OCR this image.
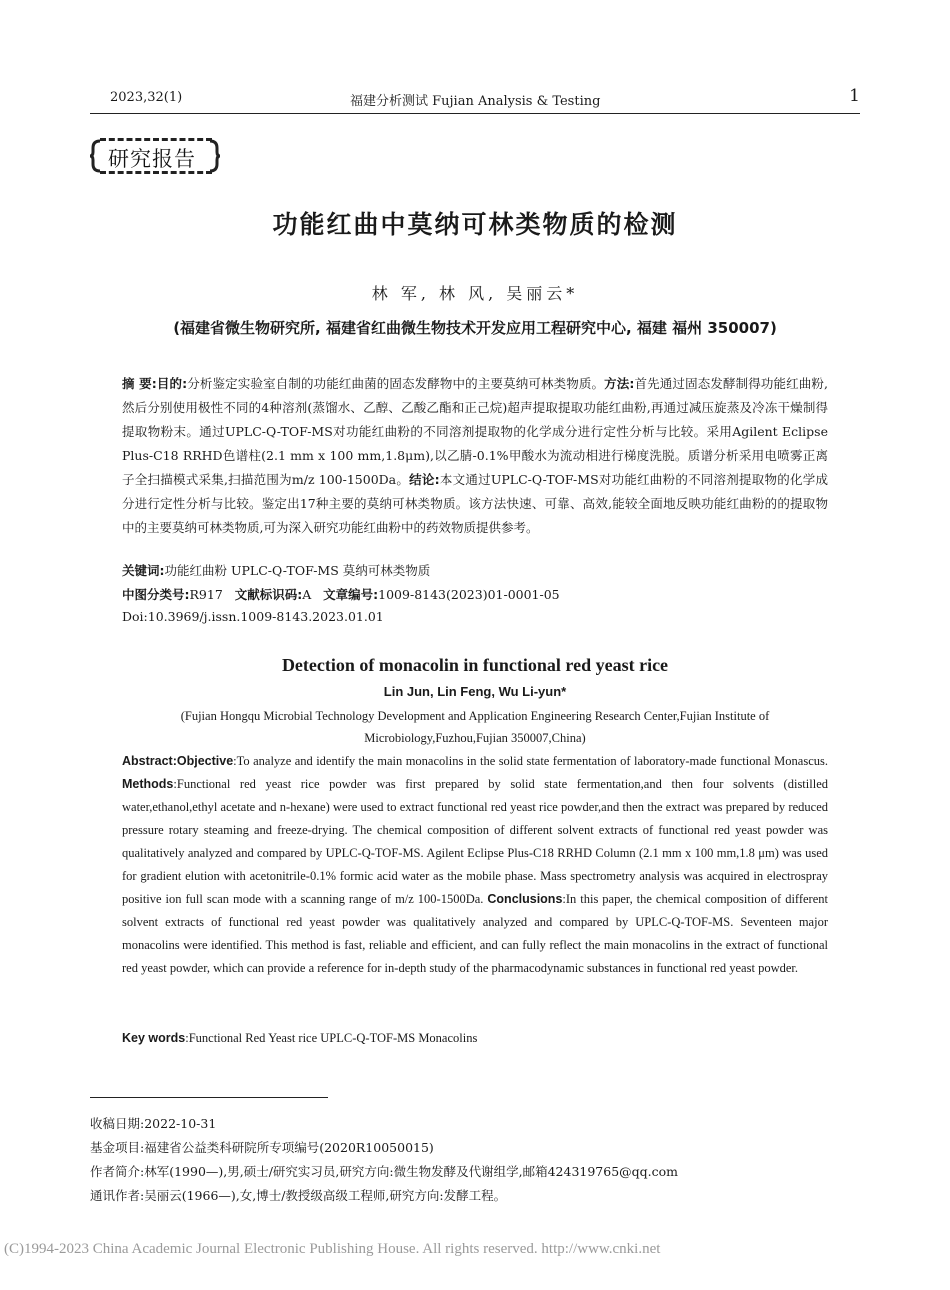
2023,32(1)	福建分析测试 Fujian Analysis & Testing	1
研究报告
功能红曲中莫纳可林类物质的检测
林 军, 林 风, 吴丽云*
(福建省微生物研究所, 福建省红曲微生物技术开发应用工程研究中心, 福建 福州 350007)
摘 要:目的:分析鉴定实验室自制的功能红曲菌的固态发酵物中的主要莫纳可林类物质。方法:首先通过固态发酵制得功能红曲粉,然后分别使用极性不同的4种溶剂(蒸馏水、乙醇、乙酸乙酯和正己烷)超声提取提取功能红曲粉,再通过减压旋蒸及冷冻干燥制得提取物粉末。通过UPLC-Q-TOF-MS对功能红曲粉的不同溶剂提取物的化学成分进行定性分析与比较。采用Agilent Eclipse Plus-C18 RRHD色谱柱(2.1 mm x 100 mm,1.8μm),以乙腈-0.1%甲酸水为流动相进行梯度洗脱。质谱分析采用电喷雾正离子全扫描模式采集,扫描范围为m/z 100-1500Da。结论:本文通过UPLC-Q-TOF-MS对功能红曲粉的不同溶剂提取物的化学成分进行定性分析与比较。鉴定出17种主要的莫纳可林类物质。该方法快速、可靠、高效,能较全面地反映功能红曲粉的的提取物中的主要莫纳可林类物质,可为深入研究功能红曲粉中的药效物质提供参考。
关键词:功能红曲粉 UPLC-Q-TOF-MS 莫纳可林类物质
中图分类号:R917 文献标识码:A 文章编号:1009-8143(2023)01-0001-05
Doi:10.3969/j.issn.1009-8143.2023.01.01
Detection of monacolin in functional red yeast rice
Lin Jun, Lin Feng, Wu Li-yun*
(Fujian Hongqu Microbial Technology Development and Application Engineering Research Center,Fujian Institute of Microbiology,Fuzhou,Fujian 350007,China)
Abstract:Objective:To analyze and identify the main monacolins in the solid state fermentation of laboratory-made functional Monascus. Methods:Functional red yeast rice powder was first prepared by solid state fermentation,and then four solvents (distilled water,ethanol,ethyl acetate and n-hexane) were used to extract functional red yeast rice powder,and then the extract was prepared by reduced pressure rotary steaming and freeze-drying. The chemical composition of different solvent extracts of functional red yeast powder was qualitatively analyzed and compared by UPLC-Q-TOF-MS. Agilent Eclipse Plus-C18 RRHD Column (2.1 mm x 100 mm,1.8 μm) was used for gradient elution with acetonitrile-0.1% formic acid water as the mobile phase. Mass spectrometry analysis was acquired in electrospray positive ion full scan mode with a scanning range of m/z 100-1500Da. Conclusions:In this paper, the chemical composition of different solvent extracts of functional red yeast powder was qualitatively analyzed and compared by UPLC-Q-TOF-MS. Seventeen major monacolins were identified. This method is fast, reliable and efficient, and can fully reflect the main monacolins in the extract of functional red yeast powder, which can provide a reference for in-depth study of the pharmacodynamic substances in functional red yeast powder.
Key words:Functional Red Yeast rice UPLC-Q-TOF-MS Monacolins
收稿日期:2022-10-31
基金项目:福建省公益类科研院所专项编号(2020R10050015)
作者简介:林军(1990—),男,硕士/研究实习员,研究方向:微生物发酵及代谢组学,邮箱424319765@qq.com
通讯作者:吴丽云(1966—),女,博士/教授级高级工程师,研究方向:发酵工程。
(C)1994-2023 China Academic Journal Electronic Publishing House. All rights reserved. http://www.cnki.net
